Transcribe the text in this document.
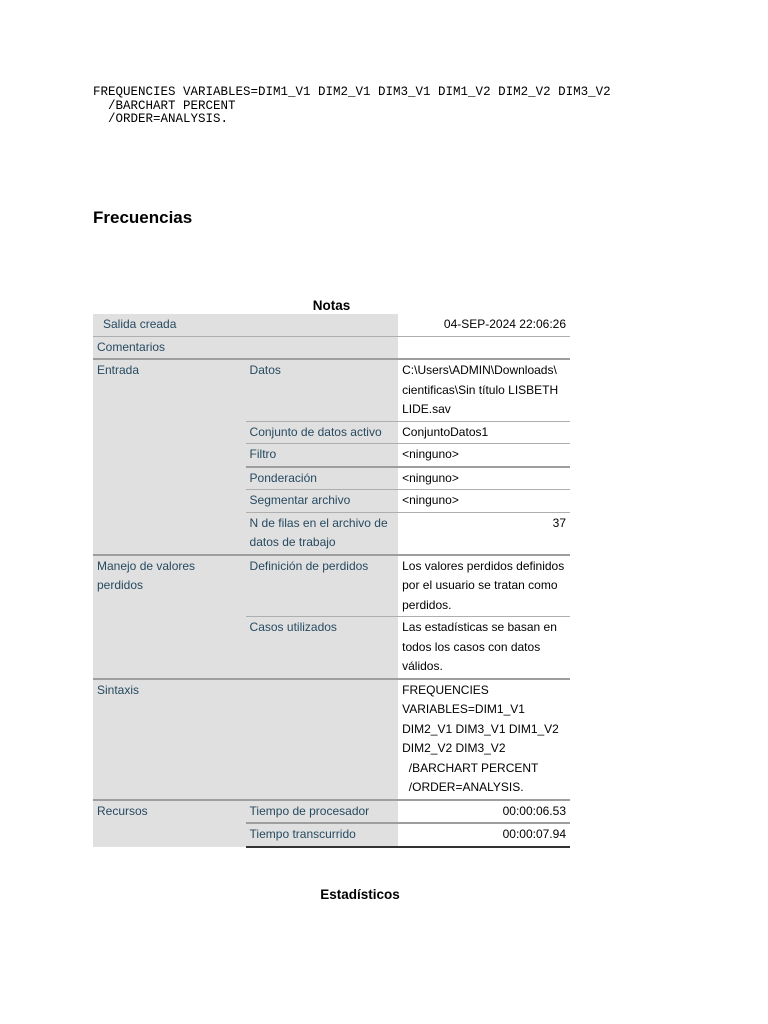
FREQUENCIES VARIABLES=DIM1_V1 DIM2_V1 DIM3_V1 DIM1_V2 DIM2_V2 DIM3_V2
/BARCHART PERCENT
/ORDER=ANALYSIS.
Frecuencias
Notas
Salida creada		04-SEP-2024 22:06:26
Comentarios		
Entrada	Datos	C:\Users\ADMIN\Downloads\ cientificas\Sin título LISBETH LIDE.sav
	Conjunto de datos activo	ConjuntoDatos1
	Filtro	<ninguno>
	Ponderación	<ninguno>
	Segmentar archivo	<ninguno>
	N de filas en el archivo de datos de trabajo	37
Manejo de valores perdidos	Definición de perdidos	Los valores perdidos definidos por el usuario se tratan como perdidos.
	Casos utilizados	Las estadísticas se basan en todos los casos con datos válidos.
Sintaxis		FREQUENCIES VARIABLES=DIM1_V1 DIM2_V1 DIM3_V1 DIM1_V2 DIM2_V2 DIM3_V2
/BARCHART PERCENT
/ORDER=ANALYSIS.
Recursos	Tiempo de procesador	00:00:06.53
	Tiempo transcurrido	00:00:07.94
Estadísticos
